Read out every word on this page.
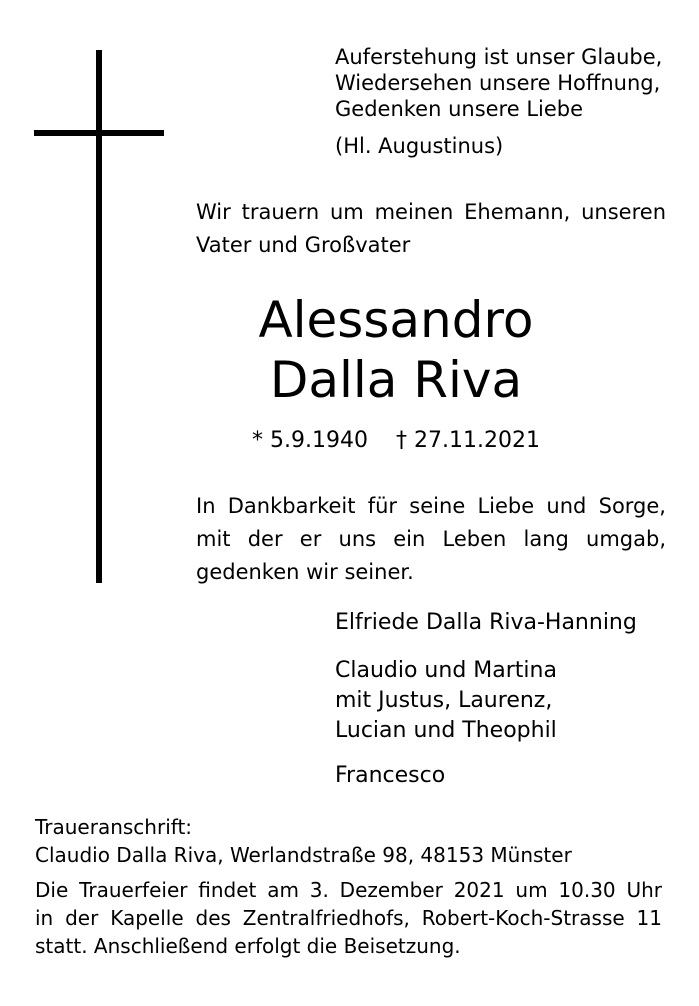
Auferstehung ist unser Glaube,
Wiedersehen unsere Hoffnung,
Gedenken unsere Liebe
(Hl. Augustinus)
Wir trauern um meinen Ehemann, unseren Vater und Großvater
Alessandro
Dalla Riva
* 5.9.1940 † 27.11.2021
In Dankbarkeit für seine Liebe und Sorge, mit der er uns ein Leben lang umgab, gedenken wir seiner.
Elfriede Dalla Riva-Hanning
Claudio und Martina
mit Justus, Laurenz,
Lucian und Theophil
Francesco
Traueranschrift:
Claudio Dalla Riva, Werlandstraße 98, 48153 Münster
Die Trauerfeier findet am 3. Dezember 2021 um 10.30 Uhr
in der Kapelle des Zentralfriedhofs, Robert-Koch-Strasse 11
statt. Anschließend erfolgt die Beisetzung.
